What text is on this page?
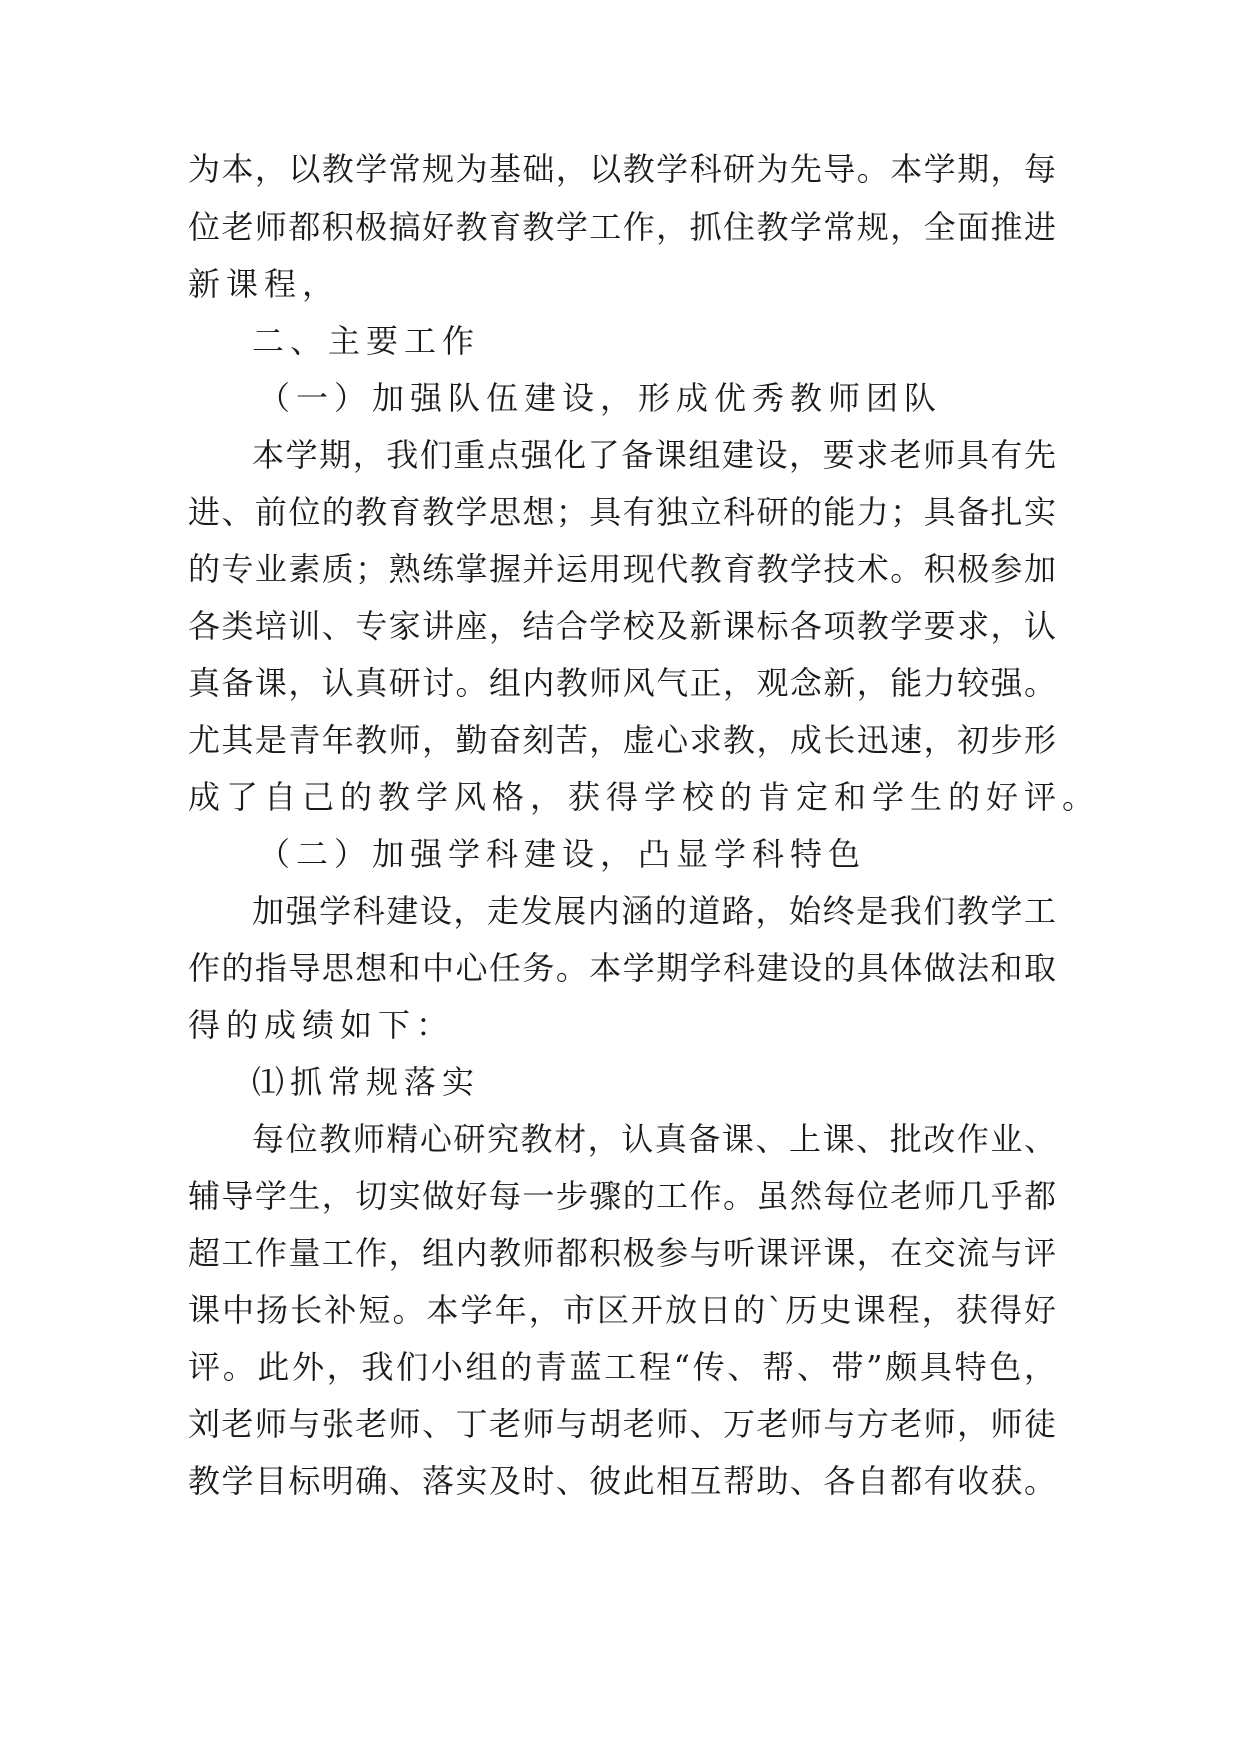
为本，以教学常规为基础，以教学科研为先导。本学期，每
位老师都积极搞好教育教学工作，抓住教学常规，全面推进
新课程，
二、主要工作
（一）加强队伍建设，形成优秀教师团队
本学期，我们重点强化了备课组建设，要求老师具有先
进、前位的教育教学思想；具有独立科研的能力；具备扎实
的专业素质；熟练掌握并运用现代教育教学技术。积极参加
各类培训、专家讲座，结合学校及新课标各项教学要求，认
真备课，认真研讨。组内教师风气正，观念新，能力较强。
尤其是青年教师，勤奋刻苦，虚心求教，成长迅速，初步形
成了自己的教学风格，获得学校的肯定和学生的好评。
（二）加强学科建设，凸显学科特色
加强学科建设，走发展内涵的道路，始终是我们教学工
作的指导思想和中心任务。本学期学科建设的具体做法和取
得的成绩如下：
⑴抓常规落实
每位教师精心研究教材，认真备课、上课、批改作业、
辅导学生，切实做好每一步骤的工作。虽然每位老师几乎都
超工作量工作，组内教师都积极参与听课评课，在交流与评
课中扬长补短。本学年，市区开放日的`历史课程，获得好
评。此外，我们小组的青蓝工程“传、帮、带”颇具特色，
刘老师与张老师、丁老师与胡老师、万老师与方老师，师徒
教学目标明确、落实及时、彼此相互帮助、各自都有收获。
